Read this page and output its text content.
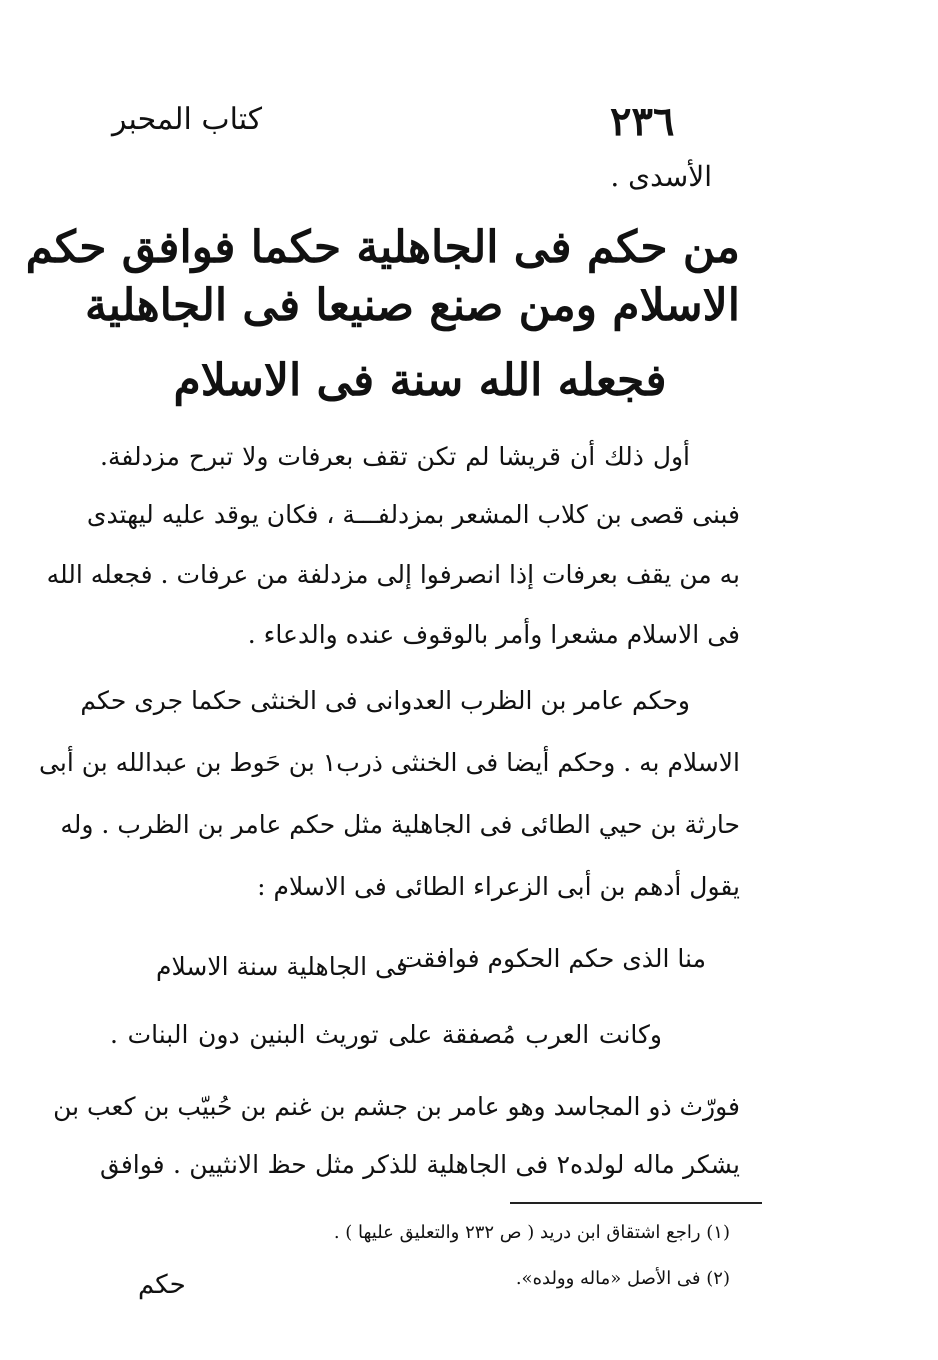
٢٣٦
كتاب المحبر
الأسدى .
من حكم فى الجاهلية حكما فوافق حكم
الاسلام ومن صنع صنيعا فى الجاهلية
فجعله الله سنة فى الاسلام
أول ذلك أن قريشا لم تكن تقف بعرفات ولا تبرح مزدلفة.
فبنى قصى بن كلاب المشعر بمزدلفـــة ، فكان يوقد عليه ليهتدى
به من يقف بعرفات إذا انصرفوا إلى مزدلفة من عرفات . فجعله الله
فى الاسلام مشعرا وأمر بالوقوف عنده والدعاء .
وحكم عامر بن الظرب العدوانى فى الخنثى حكما جرى حكم
الاسلام به . وحكم أيضا فى الخنثى ذرب١ بن حَوط بن عبدالله بن أبى
حارثة بن حيي الطائى فى الجاهلية مثل حكم عامر بن الظرب . وله
يقول أدهم بن أبى الزعراء الطائى فى الاسلام :
منا الذى حكم الحكوم فوافقت
فى الجاهلية سنة الاسلام
وكانت العرب مُصفقة على توريث البنين دون البنات .
فورّث ذو المجاسد وهو عامر بن جشم بن غنم بن حُبيّب بن كعب بن
يشكر ماله لولده٢ فى الجاهلية للذكر مثل حظ الانثيين . فوافق
(١) راجع اشتقاق ابن دريد ( ص ٢٣٢ والتعليق عليها ) .
(٢) فى الأصل «ماله وولده».
حكم
